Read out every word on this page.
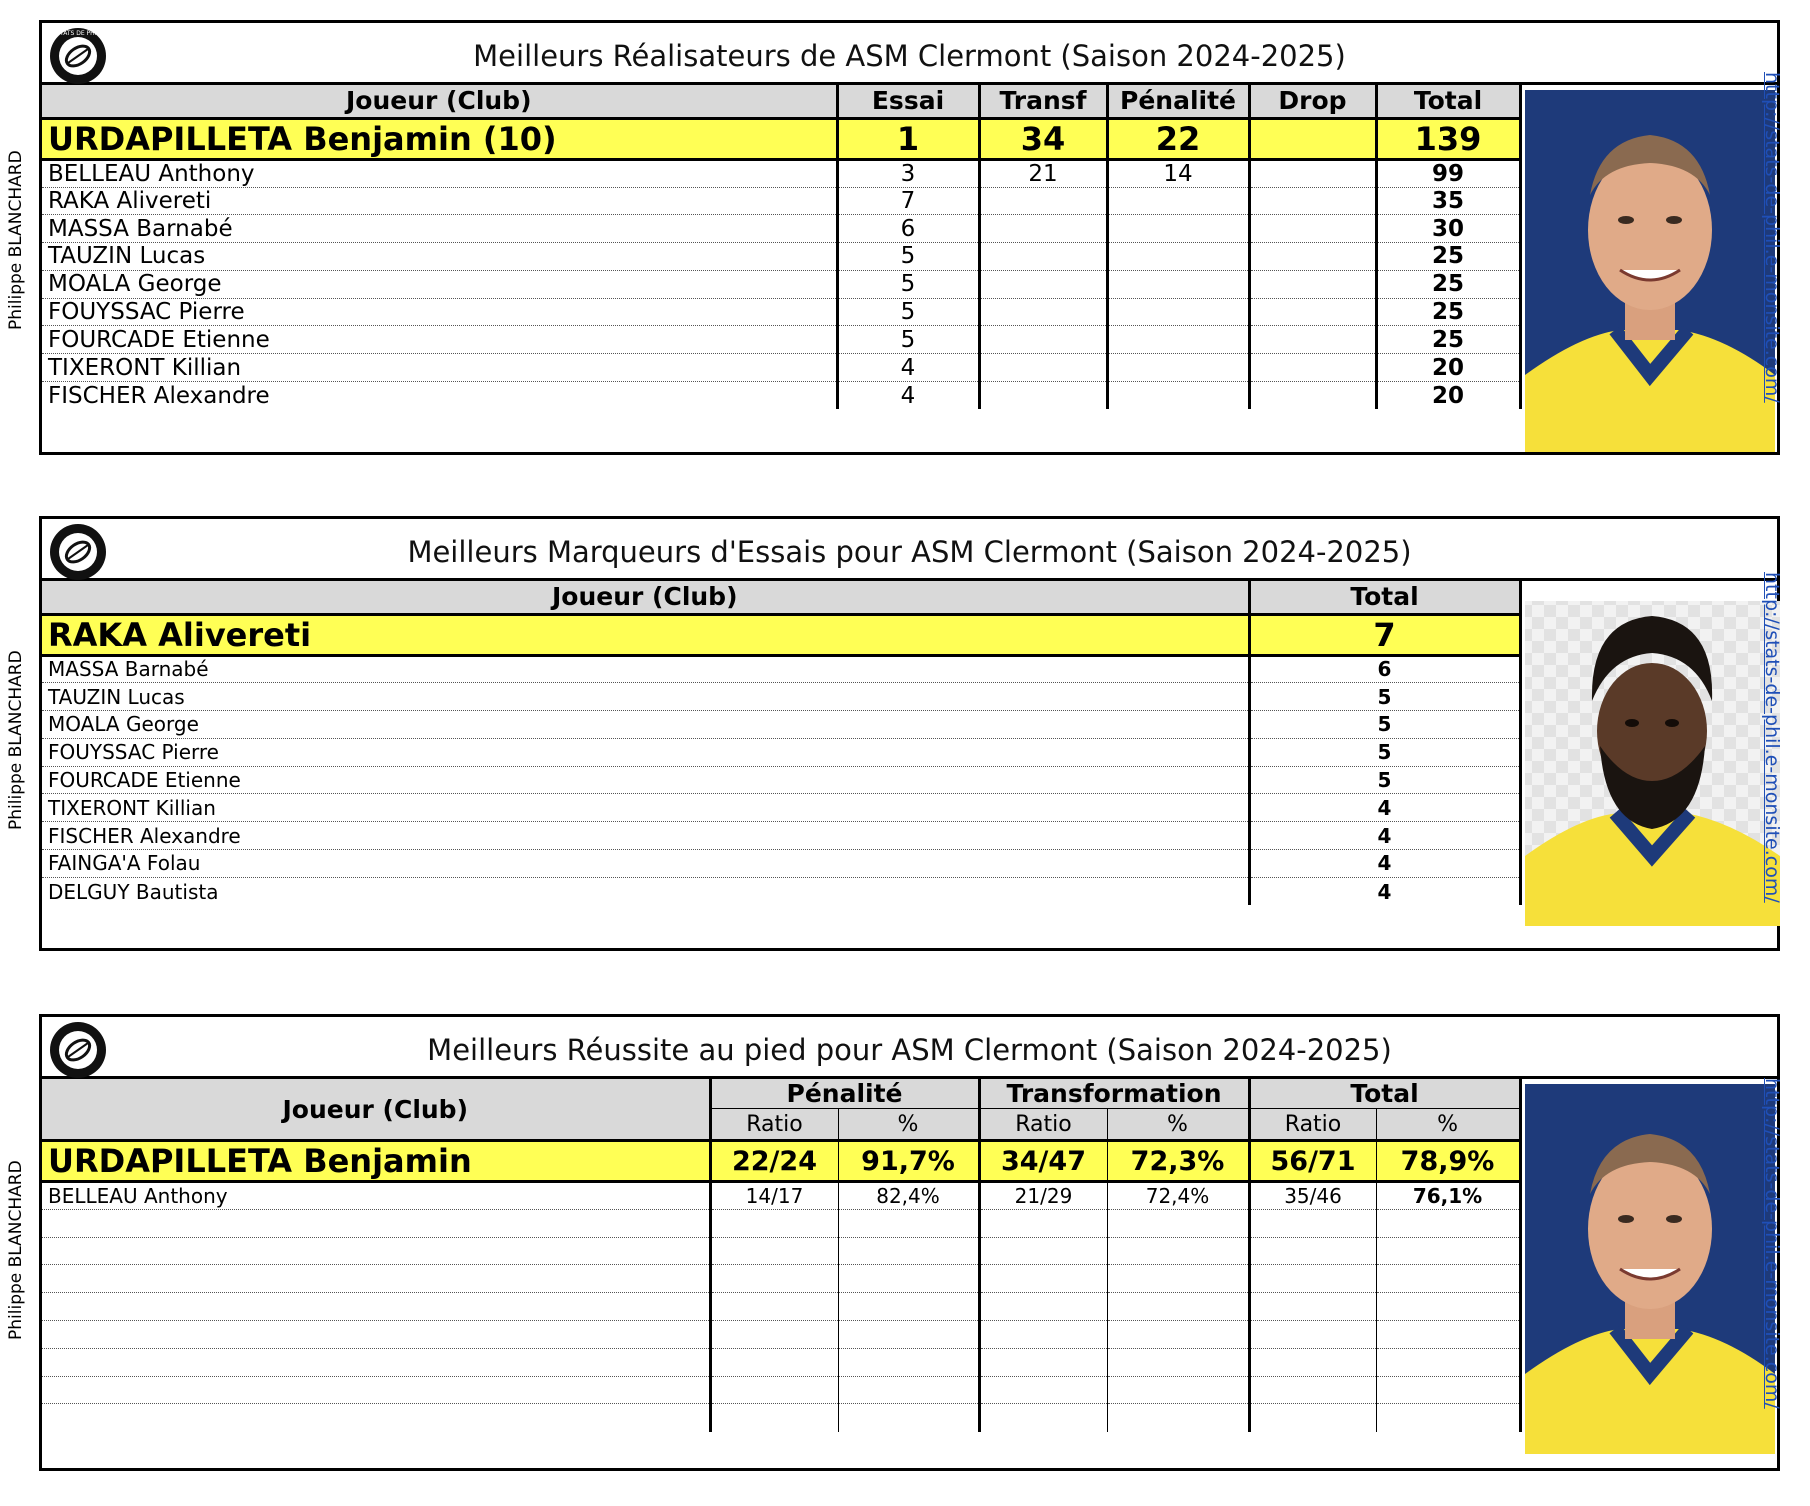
STATS DE PHIL
Meilleurs Réalisateurs de ASM Clermont (Saison 2024-2025)
Joueur (Club)	Essai	Transf	Pénalité	Drop	Total
URDAPILLETA Benjamin (10)	1	34	22		139
BELLEAU Anthony	3	21	14		99
RAKA Alivereti	7				35
MASSA Barnabé	6				30
TAUZIN Lucas	5				25
MOALA George	5				25
FOUYSSAC Pierre	5				25
FOURCADE Etienne	5				25
TIXERONT Killian	4				20
FISCHER Alexandre	4				20
Meilleurs Marqueurs d'Essais pour ASM Clermont (Saison 2024-2025)
Joueur (Club)	Total
RAKA Alivereti	7
MASSA Barnabé	6
TAUZIN Lucas	5
MOALA George	5
FOUYSSAC Pierre	5
FOURCADE Etienne	5
TIXERONT Killian	4
FISCHER Alexandre	4
FAINGA'A Folau	4
DELGUY Bautista	4
Meilleurs Réussite au pied pour ASM Clermont (Saison 2024-2025)
Joueur (Club)	Pénalité		Transformation		Total	
	Ratio	%	Ratio	%	Ratio	%
URDAPILLETA Benjamin	22/24	91,7%	34/47	72,3%	56/71	78,9%
BELLEAU Anthony	14/17	82,4%	21/29	72,4%	35/46	76,1%

Philippe BLANCHARD
Philippe BLANCHARD
Philippe BLANCHARD
http://stats-de-phil.e-monsite.com/
http://stats-de-phil.e-monsite.com/
http://stats-de-phil.e-monsite.com/
